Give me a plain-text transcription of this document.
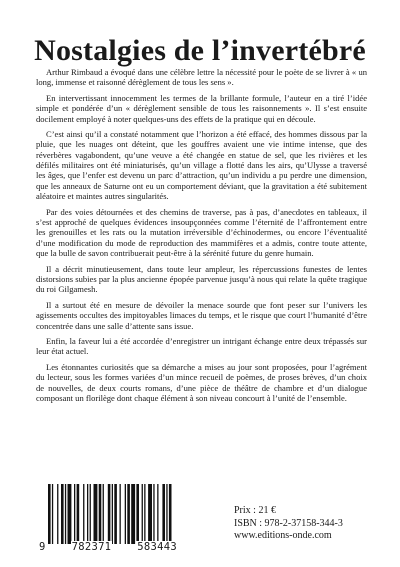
Nostalgies de l’invertébré

Arthur Rimbaud a évoqué dans une célèbre lettre la nécessité pour le poète de se livrer à « un long, immense et raisonné dérèglement de tous les sens ».

En intervertissant innocemment les termes de la brillante formule, l’auteur en a tiré l’idée simple et pondérée d’un « dérèglement sensible de tous les raisonnements ». Il s’est ensuite docilement employé à noter quelques-uns des effets de la pratique qui en découle.

C’est ainsi qu’il a constaté notamment que l’horizon a été effacé, des hommes dissous par la pluie, que les nuages ont déteint, que les gouffres avaient une vie intime intense, que des réverbères vagabondent, qu’une veuve a été changée en statue de sel, que les rivières et les défilés militaires ont été miniaturisés, qu’un village a flotté dans les airs, qu’Ulysse a traversé les âges, que l’enfer est devenu un parc d’attraction, qu’un individu a pu perdre une dimension, que les anneaux de Saturne ont eu un comportement déviant, que la gravitation a été subitement aléatoire et maintes autres singularités.

Par des voies détournées et des chemins de traverse, pas à pas, d’anecdotes en tableaux, il s’est approché de quelques évidences insoupçonnées comme l’éternité de l’affrontement entre les grenouilles et les rats ou la mutation irréversible d’échinodermes, ou encore l’éventualité d’une modification du mode de reproduction des mammifères et a admis, contre toute attente, que la bulle de savon contribuerait peut-être à la sérénité future du genre humain.

Il a décrit minutieusement, dans toute leur ampleur, les répercussions funestes de lentes distorsions subies par la plus ancienne épopée parvenue jusqu’à nous qui relate la quête tragique du roi Gilgamesh.

Il a surtout été en mesure de dévoiler la menace sourde que font peser sur l’univers les agissements occultes des impitoyables limaces du temps, et le risque que court l’humanité d’être concentrée dans une salle d’attente sans issue.

Enfin, la faveur lui a été accordée d’enregistrer un intrigant échange entre deux trépassés sur leur état actuel.

Les étonnantes curiosités que sa démarche a mises au jour sont proposées, pour l’agrément du lecteur, sous les formes variées d’un mince recueil de poèmes, de proses brèves, d’un choix de nouvelles, de deux courts romans, d’une pièce de théâtre de chambre et d’un dialogue composant un florilège dont chaque élément à son niveau concourt à l’unité de l’ensemble.

9 782371 583443
Prix : 21 €
ISBN : 978-2-37158-344-3
www.editions-onde.com
